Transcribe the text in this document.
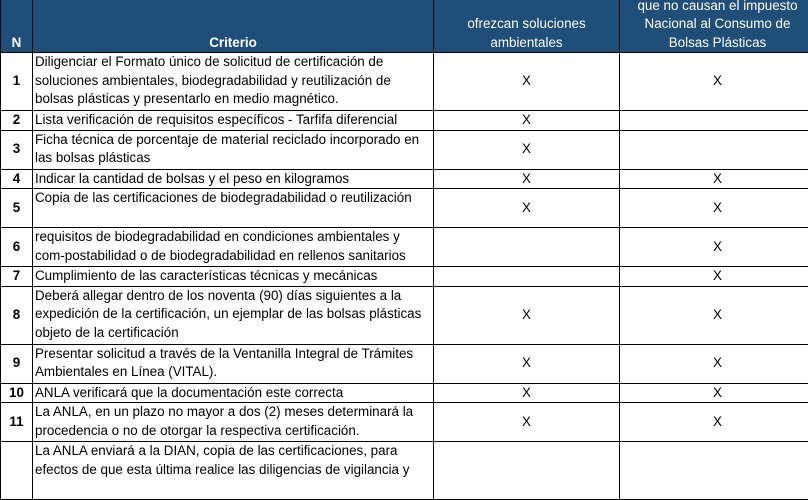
N	Criterio	ofrezcan soluciones ambientales	que no causan el impuesto
Nacional al Consumo de
Bolsas Plásticas
1	Diligenciar el Formato único de solicitud de certificación de soluciones ambientales, biodegradabilidad y reutilización de bolsas plásticas y presentarlo en medio magnético.	X	X
2	Lista verificación de requisitos específicos - Tarfifa diferencial	X	
3	Ficha técnica de porcentaje de material reciclado incorporado en las bolsas plásticas	X	
4	Indicar la cantidad de bolsas y el peso en kilogramos	X	X
5	Copia de las certificaciones de biodegradabilidad o reutilización	X	X
6	requisitos de biodegradabilidad en condiciones ambientales y com-postabilidad o de biodegradabilidad en rellenos sanitarios		X
7	Cumplimiento de las características técnicas y mecánicas		X
8	Deberá allegar dentro de los noventa (90) días siguientes a la expedición de la certificación, un ejemplar de las bolsas plásticas objeto de la certificación	X	X
9	Presentar solicitud a través de la Ventanilla Integral de Trámites Ambientales en Línea (VITAL).	X	X
10	ANLA verificará que la documentación este correcta	X	X
11	La ANLA, en un plazo no mayor a dos (2) meses determinará la procedencia o no de otorgar la respectiva certificación.	X	X
	La ANLA enviará a la DIAN, copia de las certificaciones, para efectos de que esta última realice las diligencias de vigilancia y		
